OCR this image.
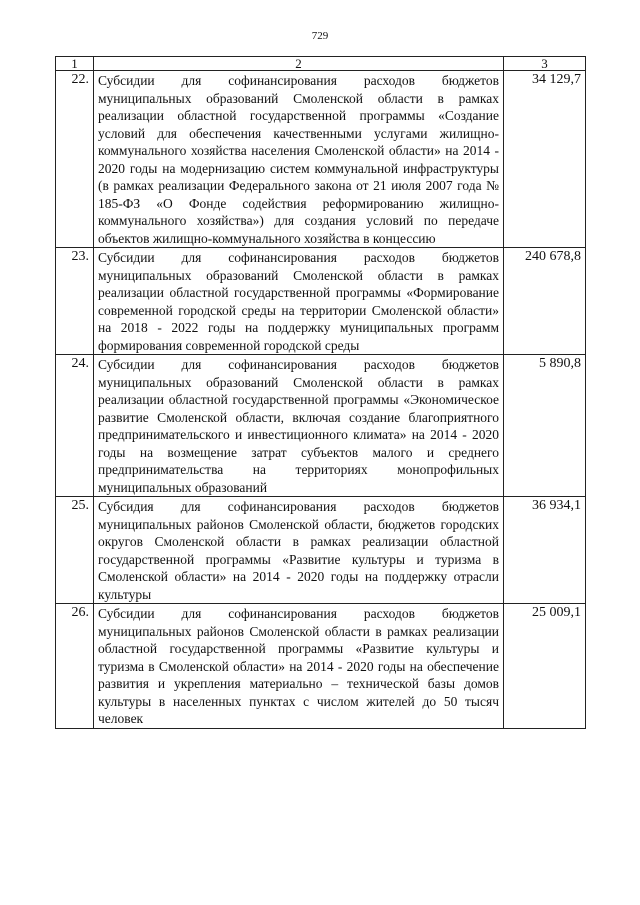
729
1	2	3
22.	Субсидии для софинансирования расходов бюджетов муниципальных образований Смоленской области в рамках реализации областной государственной программы «Создание условий для обеспечения качественными услугами жилищно-коммунального хозяйства населения Смоленской области» на 2014 - 2020 годы на модернизацию систем коммунальной инфраструктуры (в рамках реализации Федерального закона от 21 июля 2007 года № 185-ФЗ «О Фонде содействия реформированию жилищно-коммунального хозяйства») для создания условий по передаче объектов жилищно-коммунального хозяйства в концессию	34 129,7
23.	Субсидии для софинансирования расходов бюджетов муниципальных образований Смоленской области в рамках реализации областной государственной программы «Формирование современной городской среды на территории Смоленской области» на 2018 - 2022 годы на поддержку муниципальных программ формирования современной городской среды	240 678,8
24.	Субсидии для софинансирования расходов бюджетов муниципальных образований Смоленской области в рамках реализации областной государственной программы «Экономическое развитие Смоленской области, включая создание благоприятного предпринимательского и инвестиционного климата» на 2014 - 2020 годы на возмещение затрат субъектов малого и среднего предпринимательства на территориях монопрофильных муниципальных образований	5 890,8
25.	Субсидия для софинансирования расходов бюджетов муниципальных районов Смоленской области, бюджетов городских округов Смоленской области в рамках реализации областной государственной программы «Развитие культуры и туризма в Смоленской области» на 2014 - 2020 годы на поддержку отрасли культуры	36 934,1
26.	Субсидии для софинансирования расходов бюджетов муниципальных районов Смоленской области в рамках реализации областной государственной программы «Развитие культуры и туризма в Смоленской области» на 2014 - 2020 годы на обеспечение развития и укрепления материально – технической базы домов культуры в населенных пунктах с числом жителей до 50 тысяч человек	25 009,1
